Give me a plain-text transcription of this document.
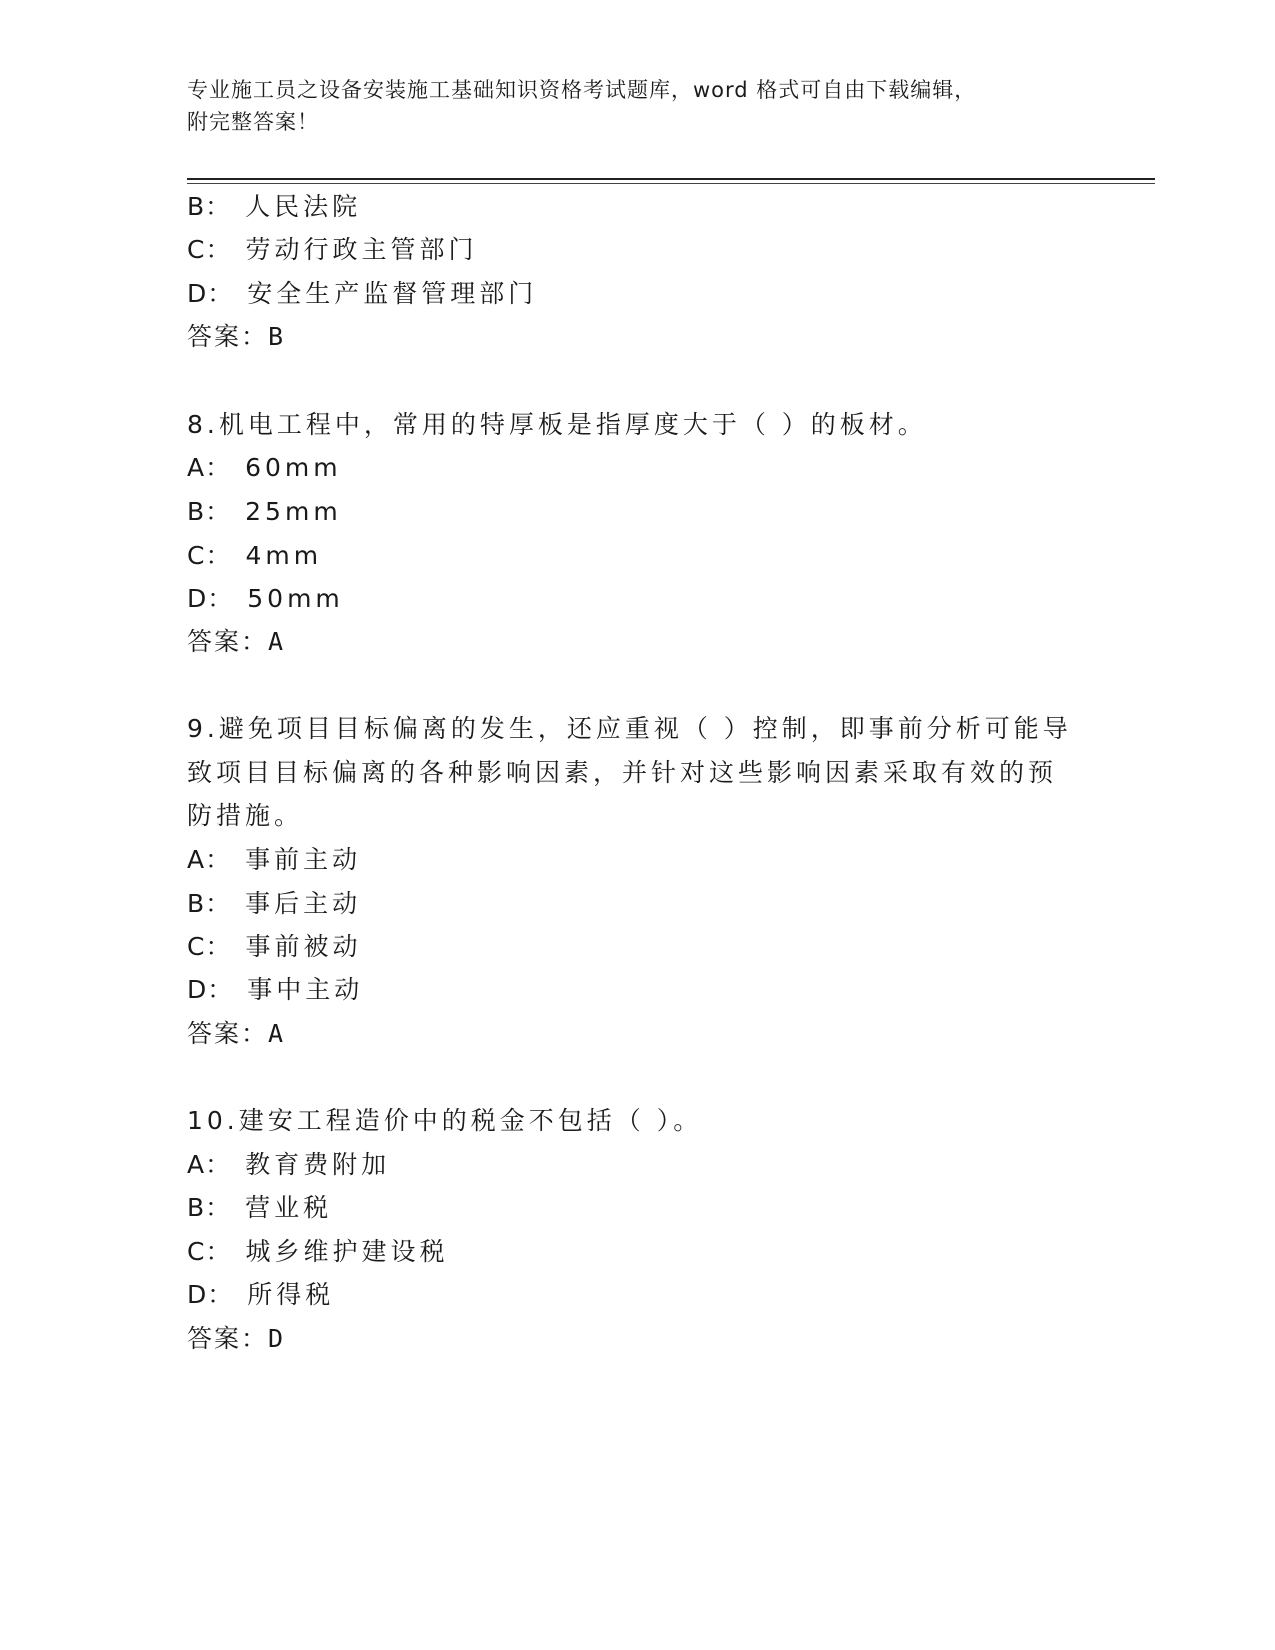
专业施工员之设备安装施工基础知识资格考试题库，word 格式可自由下载编辑，
附完整答案！
B： 人民法院
C： 劳动行政主管部门
D： 安全生产监督管理部门
答案：B
8.机电工程中，常用的特厚板是指厚度大于（ ）的板材。
A： 60mm
B： 25mm
C： 4mm
D： 50mm
答案：A
9.避免项目目标偏离的发生，还应重视（ ）控制，即事前分析可能导
致项目目标偏离的各种影响因素，并针对这些影响因素采取有效的预
防措施。
A： 事前主动
B： 事后主动
C： 事前被动
D： 事中主动
答案：A
10.建安工程造价中的税金不包括（ ）。
A： 教育费附加
B： 营业税
C： 城乡维护建设税
D： 所得税
答案：D
